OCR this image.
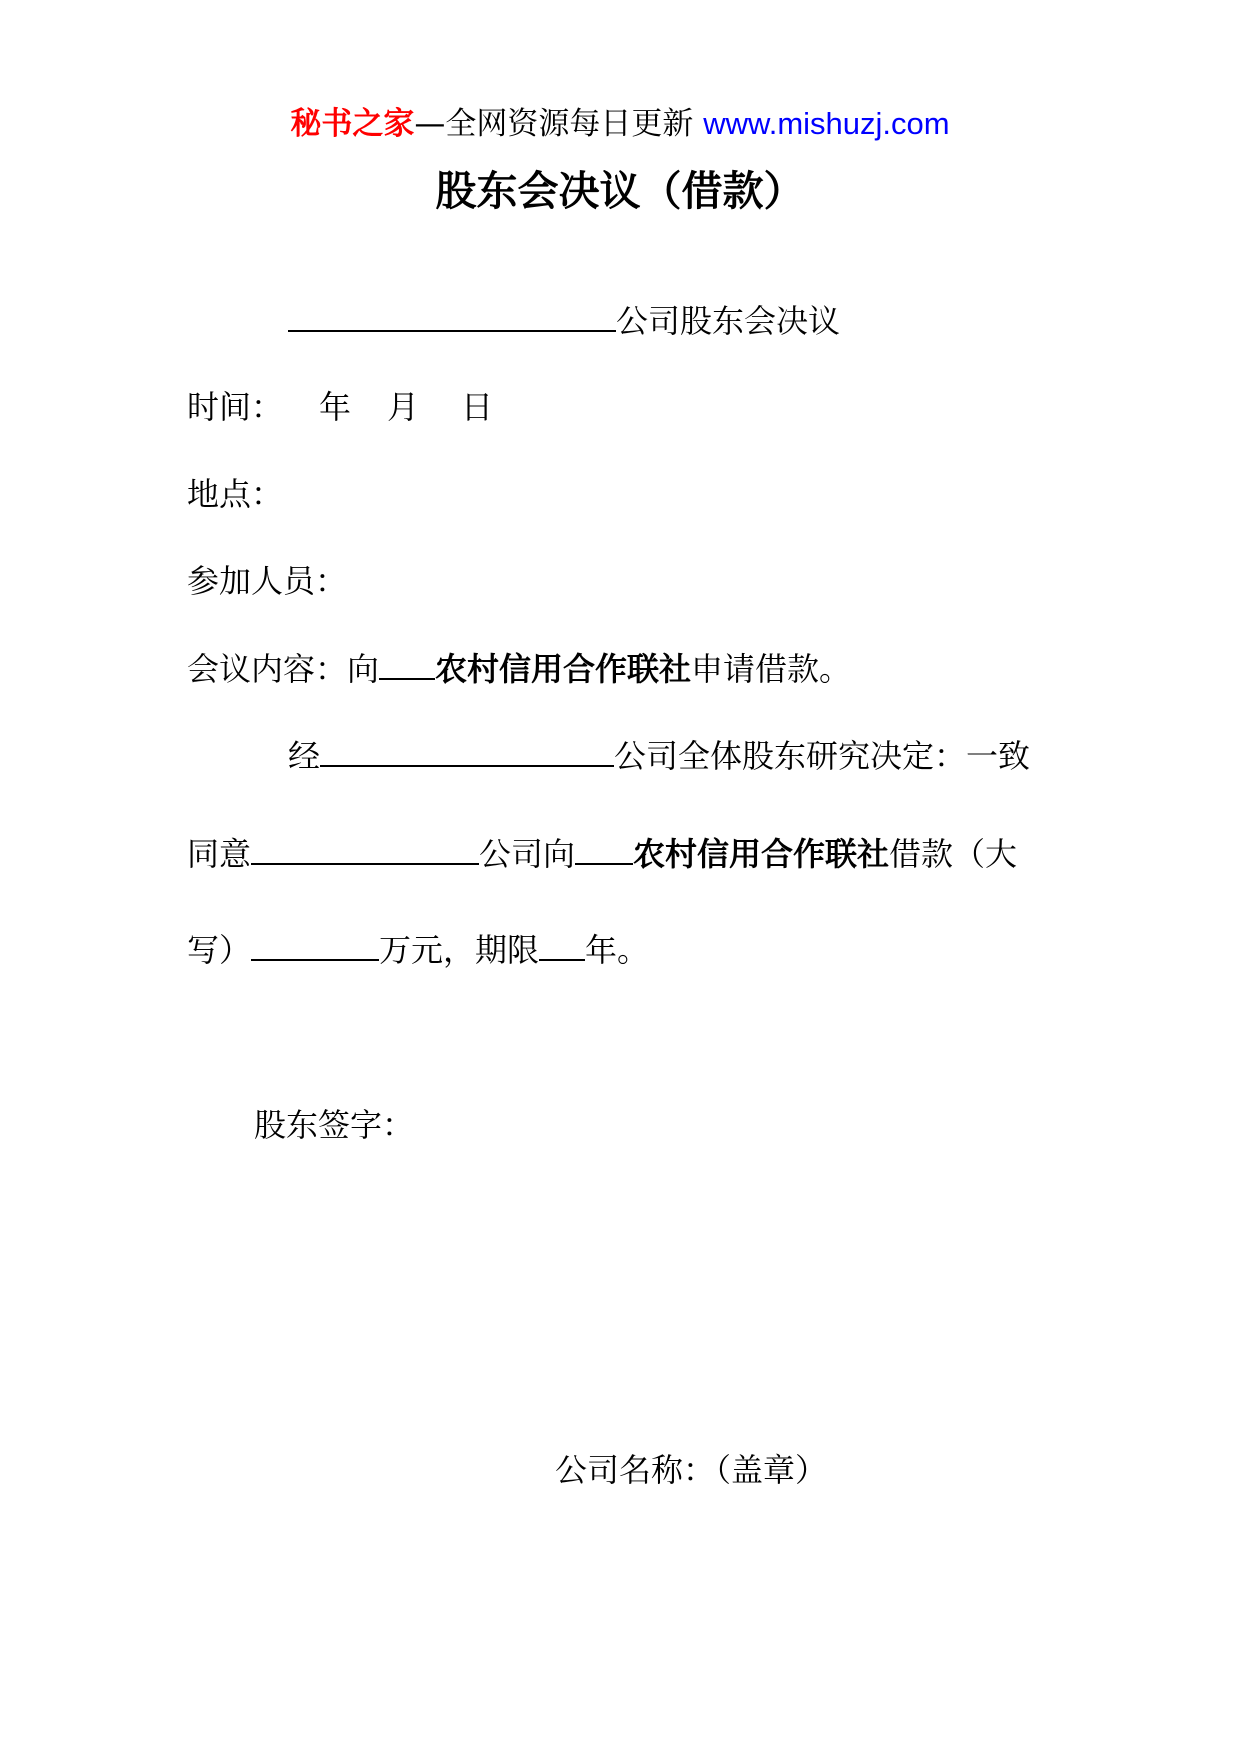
秘书之家—全网资源每日更新 www.mishuzj.com
股东会决议（借款）
公司股东会决议
时间： 年 月 日
地点：
参加人员：
会议内容：向 农村信用合作联社申请借款。
经	公司全体股东研究决定：一致
同意	公司向 农村信用合作联社借款（大
写）	万元，期限 年。
股东签字：
公司名称：（盖章）
